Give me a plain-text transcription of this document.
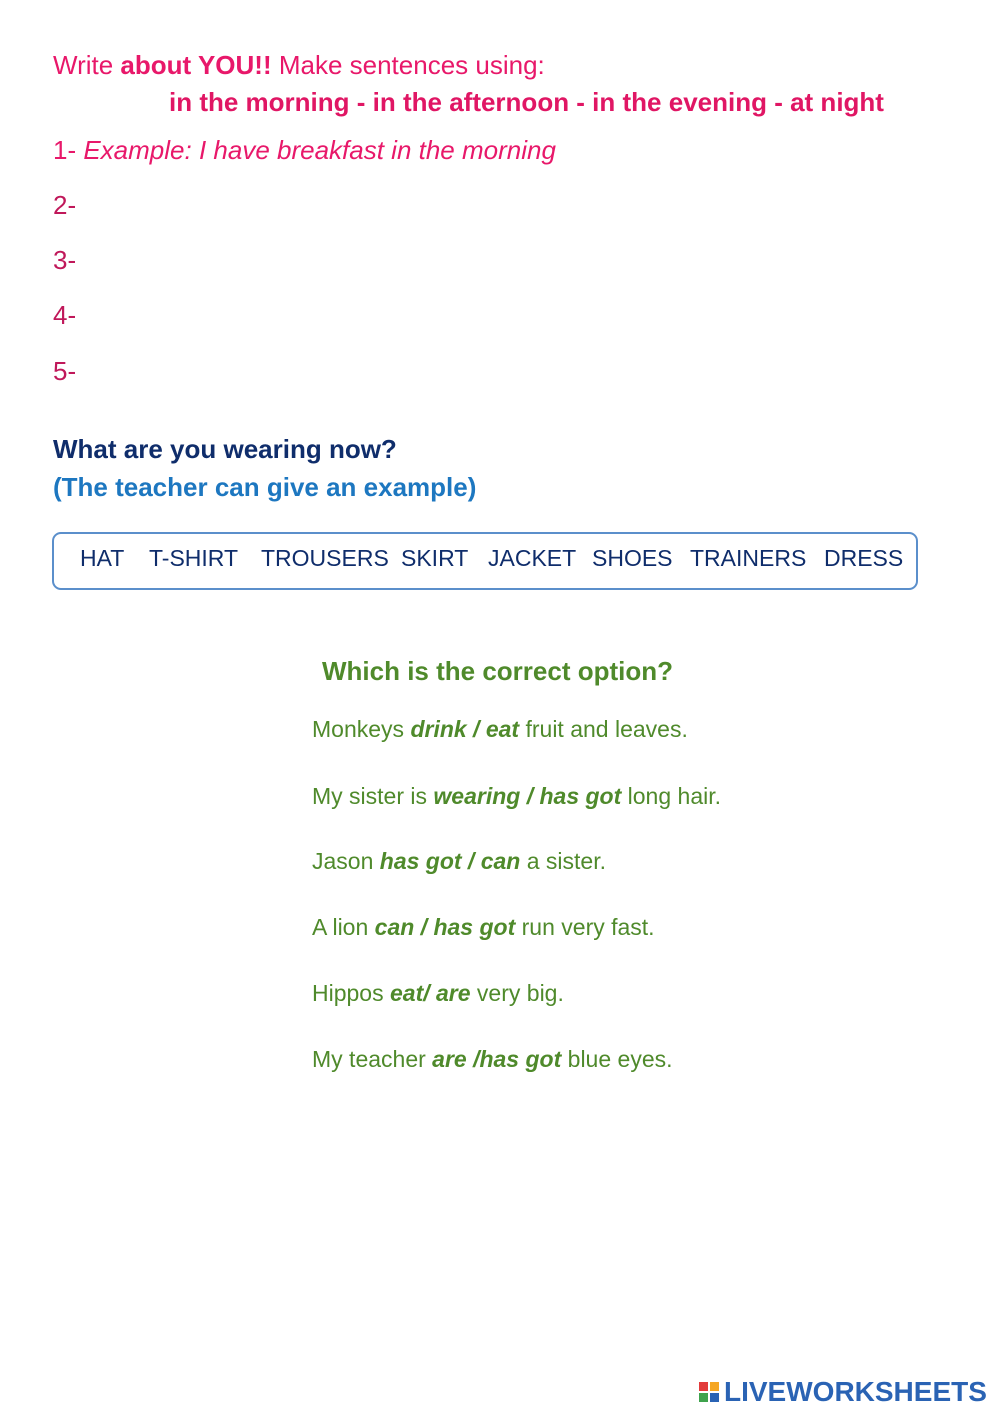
Write about YOU!! Make sentences using:
in the morning - in the afternoon - in the evening - at night
1- Example: I have breakfast in the morning
2-
3-
4-
5-
What are you wearing now?
(The teacher can give an example)
HAT T-SHIRT TROUSERS SKIRT JACKET SHOES TRAINERS DRESS
Which is the correct option?
Monkeys drink / eat fruit and leaves.
My sister is wearing / has got long hair.
Jason has got / can a sister.
A lion can / has got run very fast.
Hippos eat/ are very big.
My teacher are /has got blue eyes.
LIVEWORKSHEETS
